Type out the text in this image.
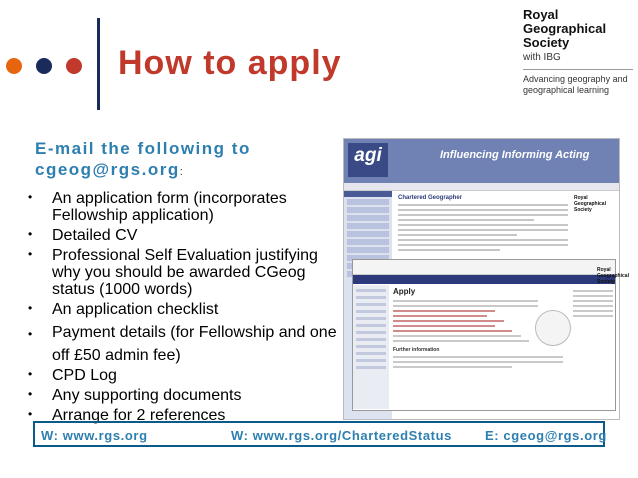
How to apply
Royal
Geographical
Society
with IBG
Advancing geography and geographical learning
E-mail the following to
cgeog@rgs.org:
• An application form (incorporates Fellowship application)
• Detailed CV
• Professional Self Evaluation justifying why you should be awarded CGeog status (1000 words)
• An application checklist
• Payment details (for Fellowship and one off £50 admin fee)
• CPD Log
• Any supporting documents
• Arrange for 2 references
agi	Influencing Informing Acting
Chartered Geographer	Royal
Geographical
Society
Apply
Further information
Royal
Geographical
Society
W: www.rgs.org	W: www.rgs.org/CharteredStatus	E: cgeog@rgs.org
